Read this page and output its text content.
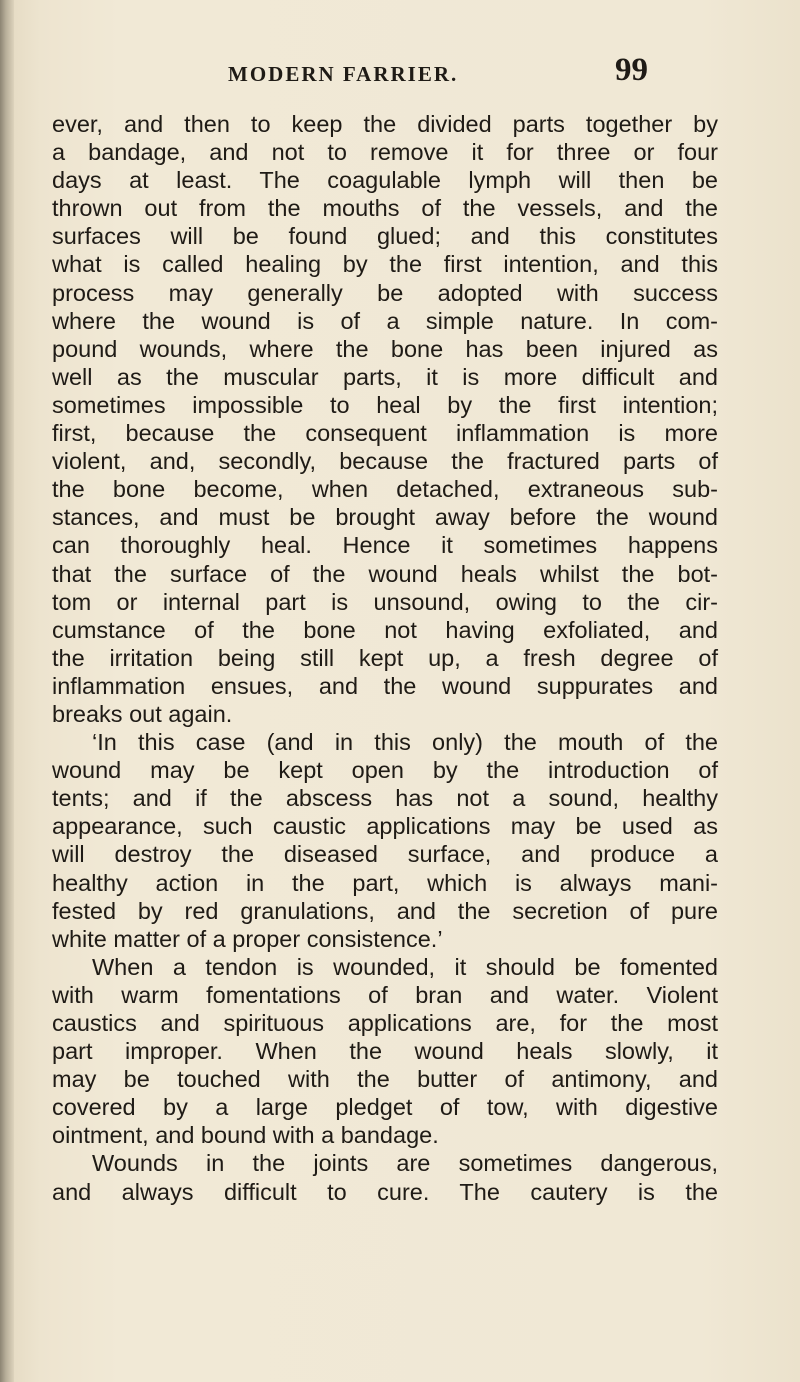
MODERN FARRIER.	99
ever, and then to keep the divided parts together by
a bandage, and not to remove it for three or four
days at least. The coagulable lymph will then be
thrown out from the mouths of the vessels, and the
surfaces will be found glued; and this constitutes
what is called healing by the first intention, and this
process may generally be adopted with success
where the wound is of a simple nature. In com-
pound wounds, where the bone has been injured as
well as the muscular parts, it is more difficult and
sometimes impossible to heal by the first intention;
first, because the consequent inflammation is more
violent, and, secondly, because the fractured parts of
the bone become, when detached, extraneous sub-
stances, and must be brought away before the wound
can thoroughly heal. Hence it sometimes happens
that the surface of the wound heals whilst the bot-
tom or internal part is unsound, owing to the cir-
cumstance of the bone not having exfoliated, and
the irritation being still kept up, a fresh degree of
inflammation ensues, and the wound suppurates and
breaks out again.
‘In this case (and in this only) the mouth of the
wound may be kept open by the introduction of
tents; and if the abscess has not a sound, healthy
appearance, such caustic applications may be used as
will destroy the diseased surface, and produce a
healthy action in the part, which is always mani-
fested by red granulations, and the secretion of pure
white matter of a proper consistence.’
When a tendon is wounded, it should be fomented
with warm fomentations of bran and water. Violent
caustics and spirituous applications are, for the most
part improper. When the wound heals slowly, it
may be touched with the butter of antimony, and
covered by a large pledget of tow, with digestive
ointment, and bound with a bandage.
Wounds in the joints are sometimes dangerous,
and always difficult to cure. The cautery is the
